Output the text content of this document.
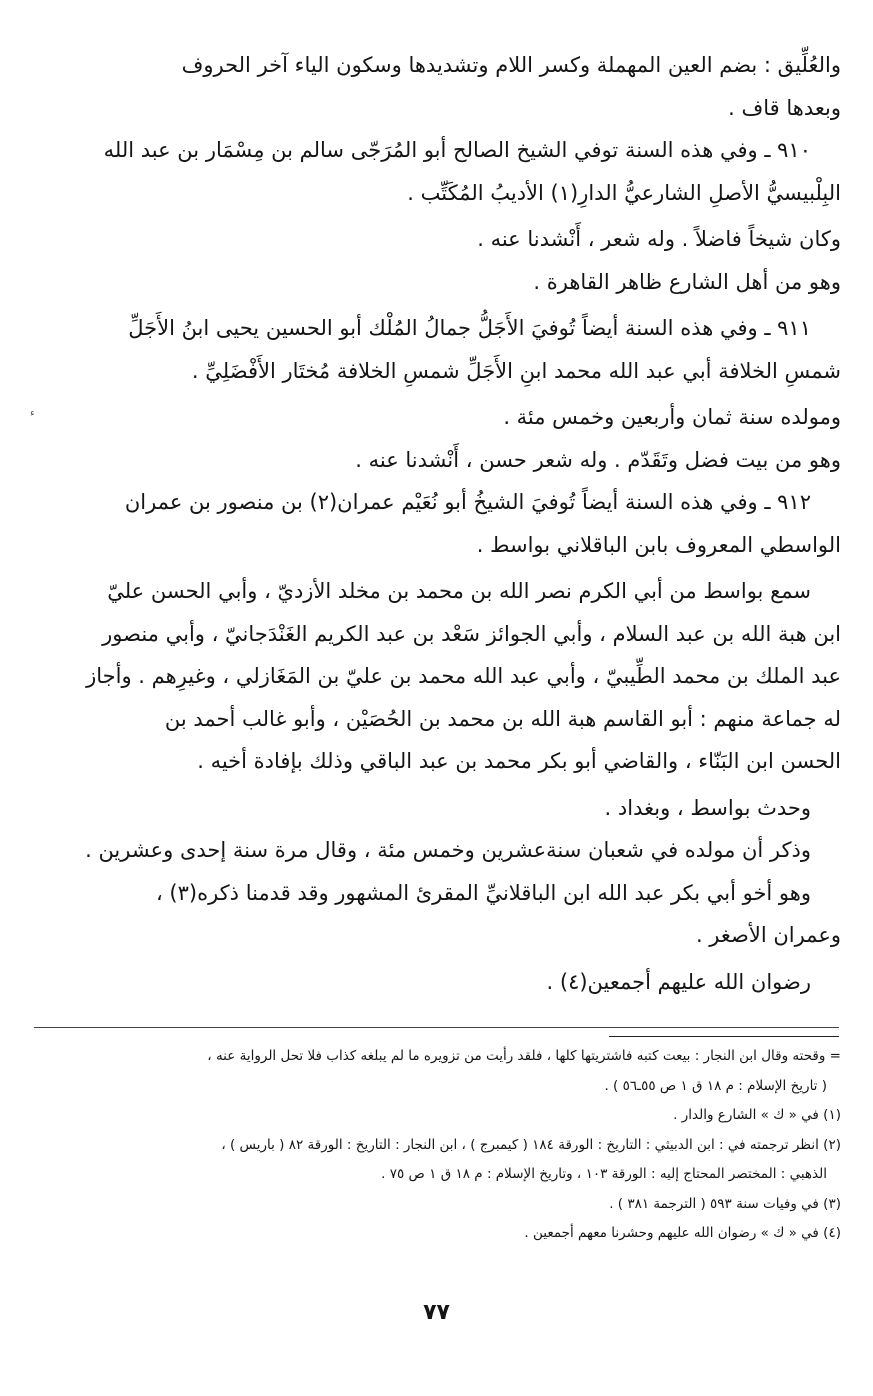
ء

والعُلِّيق : بضم العين المهملة وكسر اللام وتشديدها وسكون الياء آخر الحروف

وبعدها قاف .

٩١٠ ـ وفي هذه السنة توفي الشيخ الصالح أبو المُرَجّى سالم بن مِسْمَار بن عبد الله

البِلْبيسيُّ الأصلِ الشارعيُّ الدارِ(١) الأديبُ المُكَتِّب .

وكان شيخاً فاضلاً . وله شعر ، أَنْشدنا عنه .

وهو من أهل الشارع ظاهر القاهرة .

٩١١ ـ وفي هذه السنة أيضاً تُوفيَ الأَجَلُّ جمالُ المُلْك أبو الحسين يحيى ابنُ الأَجَلِّ

شمسِ الخلافة أبي عبد الله محمد ابنِ الأَجَلِّ شمسِ الخلافة مُختَار الأَفْضَلِيِّ .

ومولده سنة ثمان وأربعين وخمس مئة .

وهو من بيت فضل وتَقَدّم . وله شعر حسن ، أَنْشدنا عنه .

٩١٢ ـ وفي هذه السنة أيضاً تُوفيَ الشيخُ أبو نُعَيْم عمران(٢) بن منصور بن عمران

الواسطي المعروف بابن الباقلاني بواسط .

سمع بواسط من أبي الكرم نصر الله بن محمد بن مخلد الأزديّ ، وأبي الحسن عليّ

ابن هبة الله بن عبد السلام ، وأبي الجوائز سَعْد بن عبد الكريم الغَنْدَجانيّ ، وأبي منصور

عبد الملك بن محمد الطِّيبيّ ، وأبي عبد الله محمد بن عليّ بن المَغَازلي ، وغيرِهم . وأجاز

له جماعة منهم : أبو القاسم هبة الله بن محمد بن الحُصَيْن ، وأبو غالب أحمد بن

الحسن ابن البَنّاء ، والقاضي أبو بكر محمد بن عبد الباقي وذلك بإفادة أخيه .

وحدث بواسط ، وبغداد .

وذكر أن مولده في شعبان سنةعشرين وخمس مئة ، وقال مرة سنة إحدى وعشرين .

وهو أخو أبي بكر عبد الله ابن الباقلانيِّ المقرئ المشهور وقد قدمنا ذكره(٣) ،

وعمران الأصغر .

رضوان الله عليهم أجمعين(٤) .

= وقحته وقال ابن النجار : بيعت كتبه فاشتريتها كلها ، فلقد رأيت من تزويره ما لم يبلغه كذاب فلا تحل الرواية عنه ،

( تاريخ الإسلام : م ١٨ ق ١ ص ٥٥ـ٥٦ ) .

(١) في « ك » الشارع والدار .

(٢) انظر ترجمته في : ابن الدبيثي : التاريخ : الورقة ١٨٤ ( كيمبرج ) ، ابن النجار : التاريخ : الورقة ٨٢ ( باريس ) ،

الذهبي : المختصر المحتاج إليه : الورقة ١٠٣ ، وتاريخ الإسلام : م ١٨ ق ١ ص ٧٥ .

(٣) في وفيات سنة ٥٩٣ ( الترجمة ٣٨١ ) .

(٤) في « ك » رضوان الله عليهم وحشرنا معهم أجمعين .

٧٧
